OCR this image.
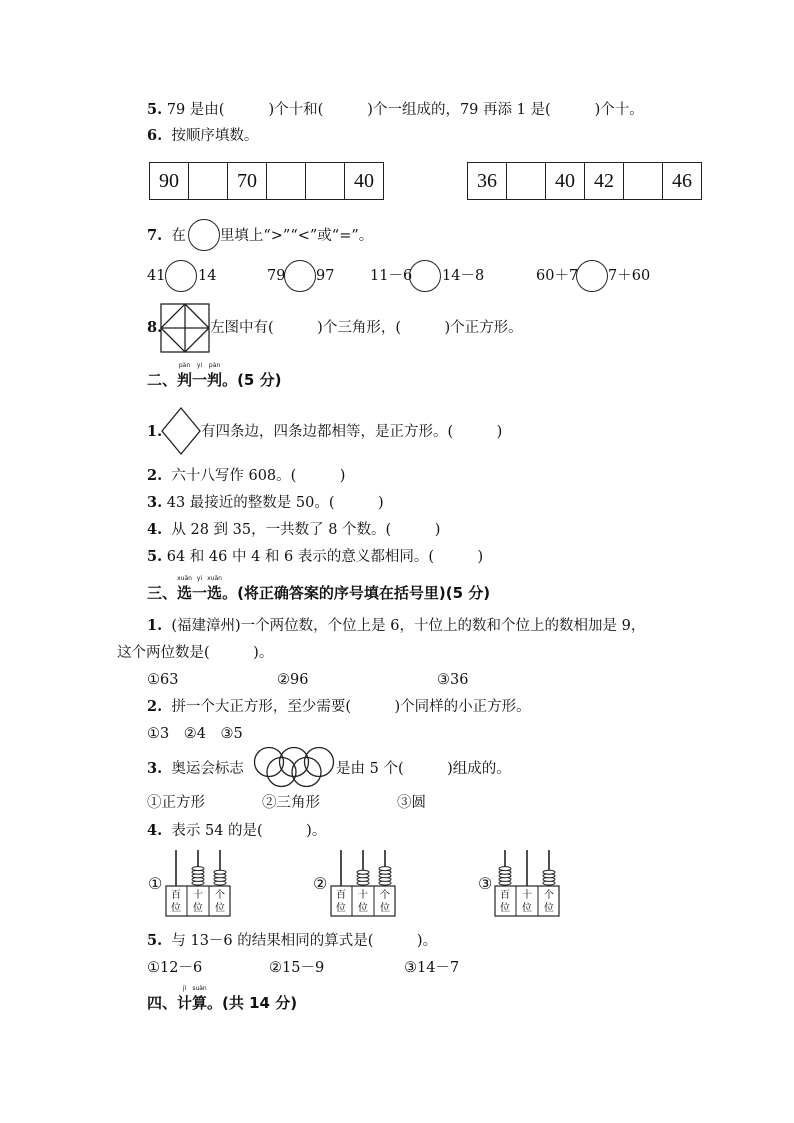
5. 79 是由(	)个十和(	)个一组成的，79 再添 1 是(	)个十。
6. 按顺序填数。
90		70			40	36		40	42		46
7. 在 里填上“>”“<”或“=”。
41 14	79 97 11－6 14－8	60＋7 7＋60
8.	左图中有(　　　)个三角形，(　　　)个正方形。
二、
pàn
判
yi
一
pàn
判。(5 分)
1.	有四条边，四条边都相等，是正方形。(　　　)
2. 六十八写作 608。(　　　)
3. 43 最接近的整数是 50。(　　　)
4. 从 28 到 35，一共数了 8 个数。(　　　)
5. 64 和 46 中 4 和 6 表示的意义都相同。(　　　)
三、
xuǎn
选
yi
一
xuǎn
选。(将正确答案的序号填在括号里)(5 分)
1. (福建漳州)一个两位数，个位上是 6，十位上的数和个位上的数相加是 9，
这个两位数是(　　　)。
①63	②96	③36
2. 拼一个大正方形，至少需要(　　　)个同样的小正方形。
①3　②4　③5
3. 奥运会标志	是由 5 个(　　　)组成的。
①正方形	②三角形	③圆
4. 表示 54 的是(　　　)。
①	②	③
百
位
十
位
个
位
百
位
十
位
个
位
百
位
十
位
个
位
5. 与 13－6 的结果相同的算式是(　　　)。
①12－6	②15－9	③14－7
四、
jì
计
suàn
算。(共 14 分)
